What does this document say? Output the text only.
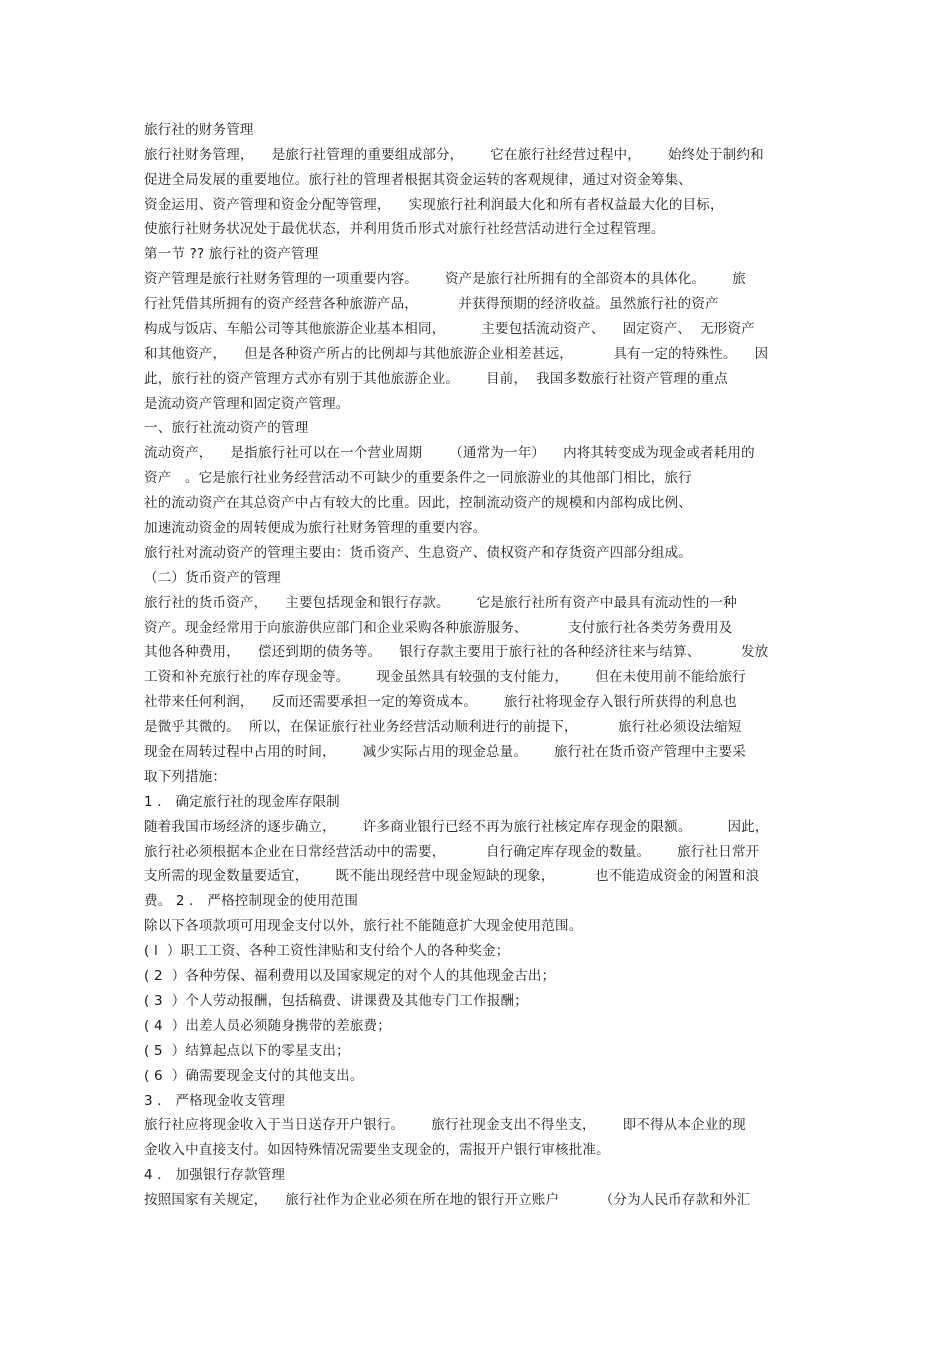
旅行社的财务管理
旅行社财务管理，    是旅行社管理的重要组成部分，      它在旅行社经营过程中，      始终处于制约和
促进全局发展的重要地位。旅行社的管理者根据其资金运转的客观规律，通过对资金筹集、
资金运用、资产管理和资金分配等管理，    实现旅行社利润最大化和所有者权益最大化的目标，
使旅行社财务状况处于最优状态，并利用货币形式对旅行社经营活动进行全过程管理。
第一节 ?? 旅行社的资产管理
资产管理是旅行社财务管理的一项重要内容。      资产是旅行社所拥有的全部资本的具体化。      旅
行社凭借其所拥有的资产经营各种旅游产品，         并获得预期的经济收益。虽然旅行社的资产
构成与饭店、车船公司等其他旅游企业基本相同，        主要包括流动资产、    固定资产、  无形资产
和其他资产，    但是各种资产所占的比例却与其他旅游企业相差甚远，         具有一定的特殊性。    因
此，旅行社的资产管理方式亦有别于其他旅游企业。      目前，  我国多数旅行社资产管理的重点
是流动资产管理和固定资产管理。
一、旅行社流动资产的管理
流动资产，    是指旅行社可以在一个营业周期      （通常为一年）    内将其转变成为现金或者耗用的
资产   。它是旅行社业务经营活动不可缺少的重要条件之一同旅游业的其他部门相比，旅行
社的流动资产在其总资产中占有较大的比重。因此，控制流动资产的规模和内部构成比例、
加速流动资金的周转便成为旅行社财务管理的重要内容。
旅行社对流动资产的管理主要由：货币资产、生息资产、债权资产和存货资产四部分组成。
（二）货币资产的管理
旅行社的货币资产，    主要包括现金和银行存款。      它是旅行社所有资产中最具有流动性的一种
资产。现金经常用于向旅游供应部门和企业采购各种旅游服务、         支付旅行社各类劳务费用及
其他各种费用，    偿还到期的债务等。    银行存款主要用于旅行社的各种经济往来与结算、         发放
工资和补充旅行社的库存现金等。      现金虽然具有较强的支付能力，      但在未使用前不能给旅行
社带来任何利润，    反而还需要承担一定的筹资成本。      旅行社将现金存入银行所获得的利息也
是微乎其微的。  所以，在保证旅行社业务经营活动顺利进行的前提下，         旅行社必须设法缩短
现金在周转过程中占用的时间，      减少实际占用的现金总量。      旅行社在货币资产管理中主要采
取下列措施：
1 ． 确定旅行社的现金库存限制
随着我国市场经济的逐步确立，      许多商业银行已经不再为旅行社核定库存现金的限额。        因此，
旅行社必须根据本企业在日常经营活动中的需要，         自行确定库存现金的数量。      旅行社日常开
支所需的现金数量要适宜，      既不能出现经营中现金短缺的现象，         也不能造成资金的闲置和浪
费。 2 ． 严格控制现金的使用范围
除以下各项款项可用现金支付以外，旅行社不能随意扩大现金使用范围。
( l  ）职工工资、各种工资性津贴和支付给个人的各种奖金；
( 2  ）各种劳保、福利费用以及国家规定的对个人的其他现金古出；
( 3  ）个人劳动报酬，包括稿费、讲课费及其他专门工作报酬；
( 4  ）出差人员必须随身携带的差旅费；
( 5  ）结算起点以下的零星支出；
( 6  ）确需要现金支付的其他支出。
3 ． 严格现金收支管理
旅行社应将现金收入于当日送存开户银行。      旅行社现金支出不得坐支，      即不得从本企业的现
金收入中直接支付。如因特殊情况需要坐支现金的，需报开户银行审核批准。
4 ． 加强银行存款管理
按照国家有关规定，    旅行社作为企业必须在所在地的银行开立账户         （分为人民币存款和外汇
